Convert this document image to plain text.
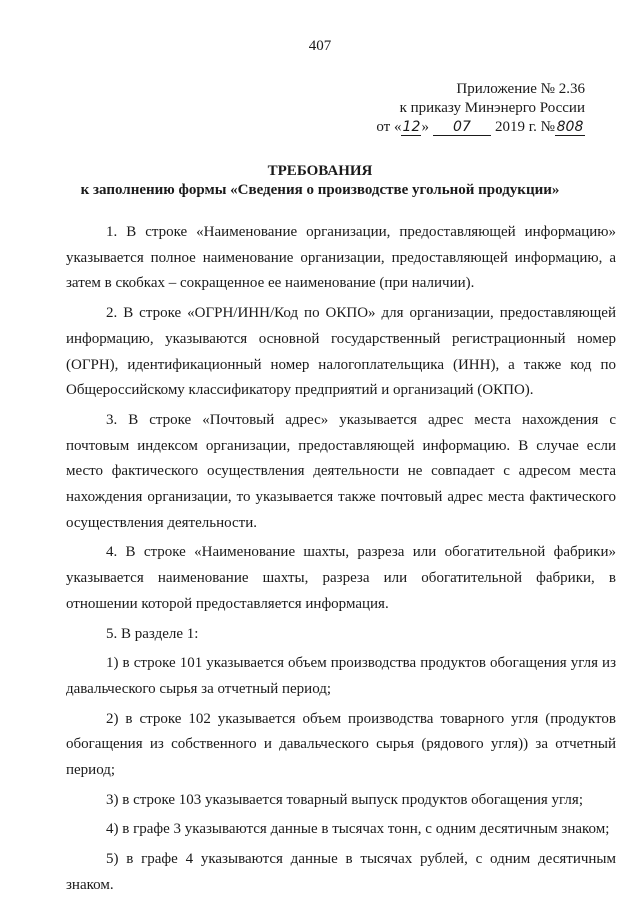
407
Приложение № 2.36
к приказу Минэнерго России
от «12» 07 2019 г. № 808
ТРЕБОВАНИЯ
к заполнению формы «Сведения о производстве угольной продукции»

1. В строке «Наименование организации, предоставляющей информацию» указывается полное наименование организации, предоставляющей информацию, а затем в скобках – сокращенное ее наименование (при наличии).

2. В строке «ОГРН/ИНН/Код по ОКПО» для организации, предоставляющей информацию, указываются основной государственный регистрационный номер (ОГРН), идентификационный номер налогоплательщика (ИНН), а также код по Общероссийскому классификатору предприятий и организаций (ОКПО).

3. В строке «Почтовый адрес» указывается адрес места нахождения с почтовым индексом организации, предоставляющей информацию. В случае если место фактического осуществления деятельности не совпадает с адресом места нахождения организации, то указывается также почтовый адрес места фактического осуществления деятельности.

4. В строке «Наименование шахты, разреза или обогатительной фабрики» указывается наименование шахты, разреза или обогатительной фабрики, в отношении которой предоставляется информация.

5. В разделе 1:

1) в строке 101 указывается объем производства продуктов обогащения угля из давальческого сырья за отчетный период;

2) в строке 102 указывается объем производства товарного угля (продуктов обогащения из собственного и давальческого сырья (рядового угля)) за отчетный период;

3) в строке 103 указывается товарный выпуск продуктов обогащения угля;

4) в графе 3 указываются данные в тысячах тонн, с одним десятичным знаком;

5) в графе 4 указываются данные в тысячах рублей, с одним десятичным знаком.
